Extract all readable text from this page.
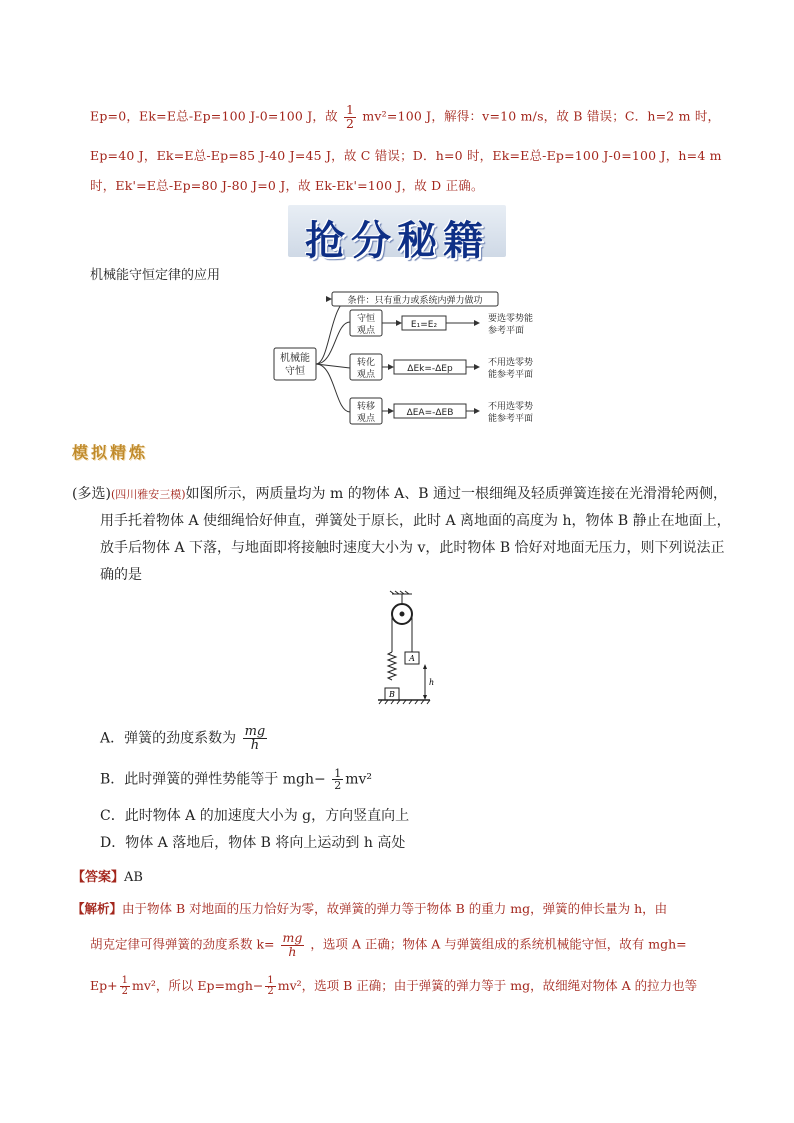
Ep=0，Ek=E总-Ep=100 J-0=100 J，故 $\frac{1}{2} mv^2=100$ J，解得：v=10 m/s，故 B 错误；C．h=2 m 时，
Ep=40 J，Ek=E总-Ep=85 J-40 J=45 J，故 C 错误；D．h=0 时，Ek=E总-Ep=100 J-0=100 J，h=4 m
时，Ek'=E总-Ep=80 J-80 J=0 J，故 Ek-Ek'=100 J，故 D 正确。
抢分秘籍
机械能守恒定律的应用
机械能
守恒
条件：只有重力或系统内弹力做功
守恒
观点
E₁=E₂
要选零势能
参考平面
转化
观点
ΔEk=-ΔEp
不用选零势
能参考平面
转移
观点
ΔEA=-ΔEB
不用选零势
能参考平面
模拟精炼
(多选)(四川雅安三模)如图所示，两质量均为 m 的物体 A、B 通过一根细绳及轻质弹簧连接在光滑滑轮两侧，
用手托着物体 A 使细绳恰好伸直，弹簧处于原长，此时 A 离地面的高度为 h，物体 B 静止在地面上，
放手后物体 A 下落，与地面即将接触时速度大小为 v，此时物体 B 恰好对地面无压力，则下列说法正
确的是
A
B
h
A．弹簧的劲度系数为 $\frac{mg}{h}$
B．此时弹簧的弹性势能等于 $mgh- \frac{1}{2} mv^2$
C．此时物体 A 的加速度大小为 g，方向竖直向上
D．物体 A 落地后，物体 B 将向上运动到 h 高处
【答案】AB
【解析】由于物体 B 对地面的压力恰好为零，故弹簧的弹力等于物体 B 的重力 mg，弹簧的伸长量为 h，由
胡克定律可得弹簧的劲度系数 $k= \frac{mg}{h}$ ，选项 A 正确；物体 A 与弹簧组成的系统机械能守恒，故有 mgh=
$Ep+ \frac{1}{2} mv^2$，所以 $Ep=mgh- \frac{1}{2} mv^2$，选项 B 正确；由于弹簧的弹力等于 mg，故细绳对物体 A 的拉力也等
